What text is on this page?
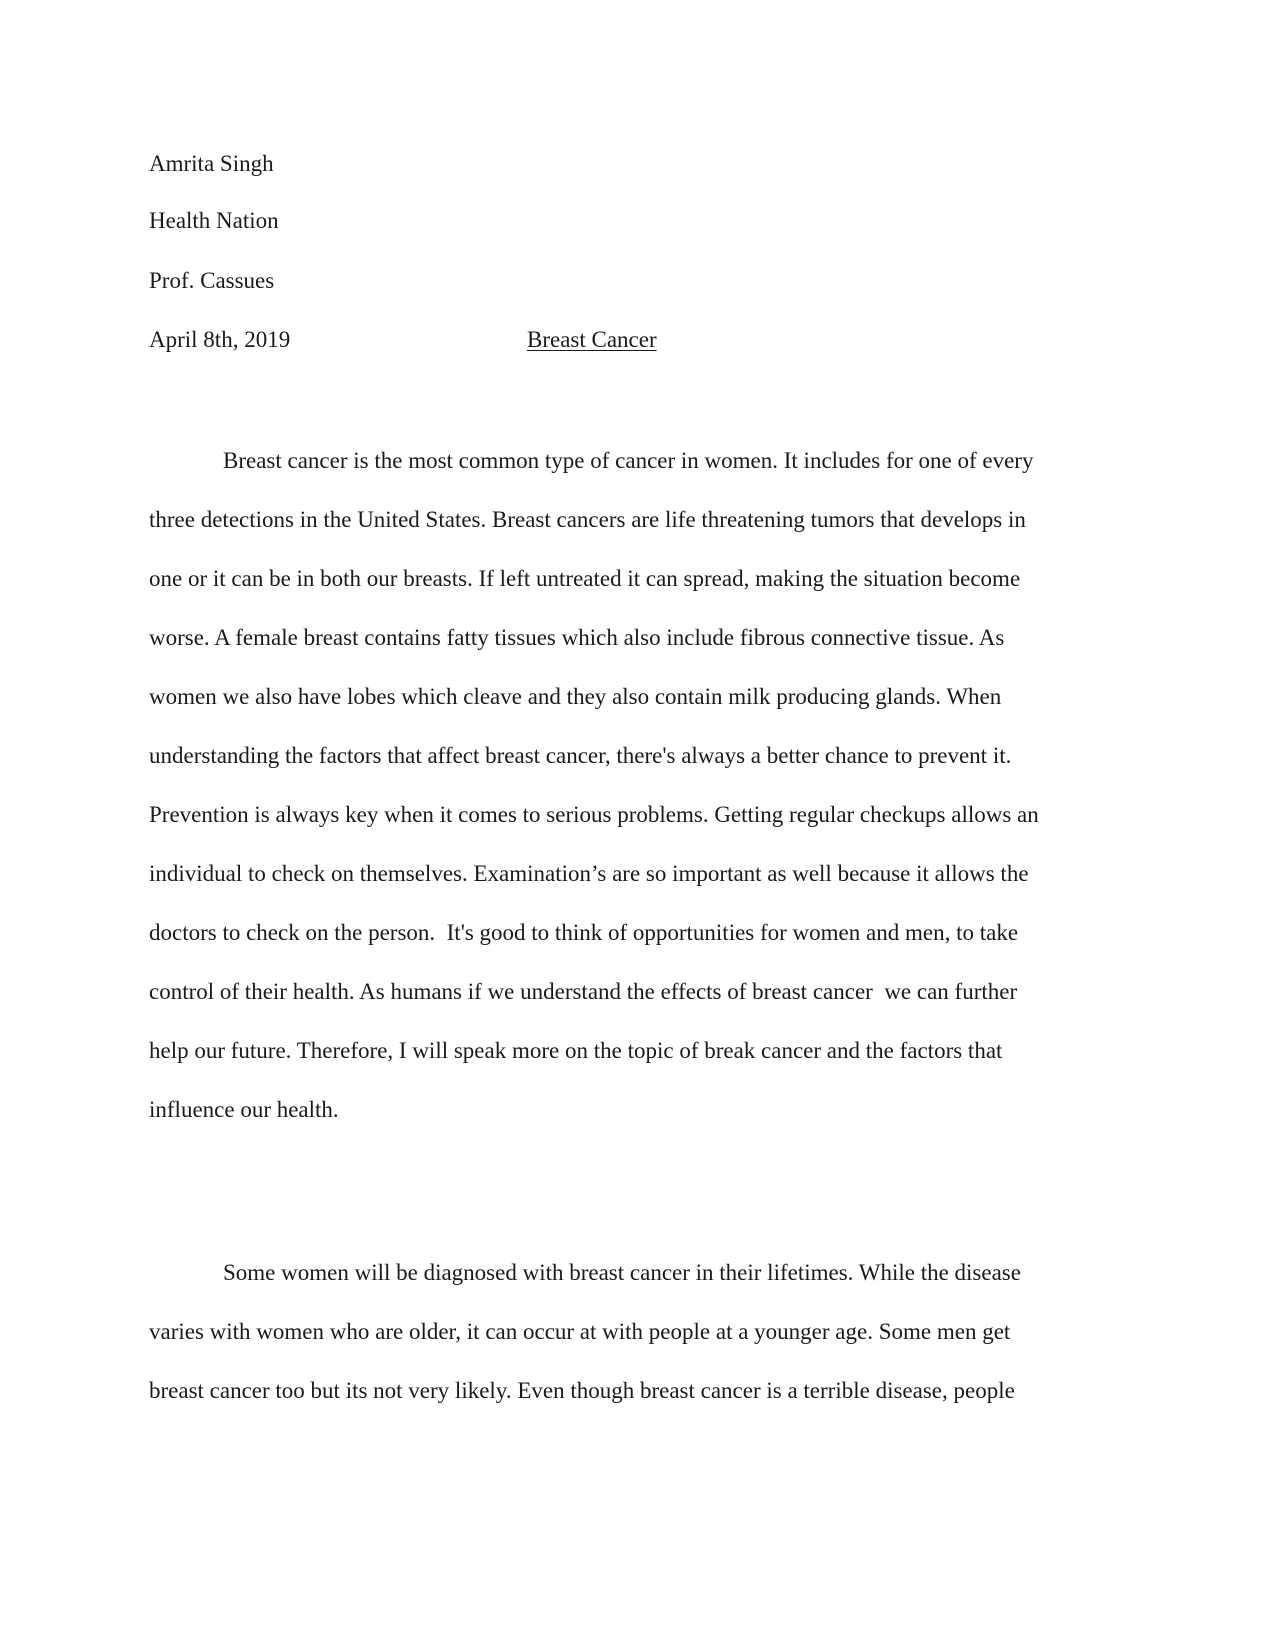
Amrita Singh
Health Nation
Prof. Cassues
April 8th, 2019	Breast Cancer
Breast cancer is the most common type of cancer in women. It includes for one of every
three detections in the United States. Breast cancers are life threatening tumors that develops in
one or it can be in both our breasts. If left untreated it can spread, making the situation become
worse. A female breast contains fatty tissues which also include fibrous connective tissue. As
women we also have lobes which cleave and they also contain milk producing glands. When
understanding the factors that affect breast cancer, there's always a better chance to prevent it.
Prevention is always key when it comes to serious problems. Getting regular checkups allows an
individual to check on themselves. Examination’s are so important as well because it allows the
doctors to check on the person.  It's good to think of opportunities for women and men, to take
control of their health. As humans if we understand the effects of breast cancer  we can further
help our future. Therefore, I will speak more on the topic of break cancer and the factors that
influence our health.
Some women will be diagnosed with breast cancer in their lifetimes. While the disease
varies with women who are older, it can occur at with people at a younger age. Some men get
breast cancer too but its not very likely. Even though breast cancer is a terrible disease, people
